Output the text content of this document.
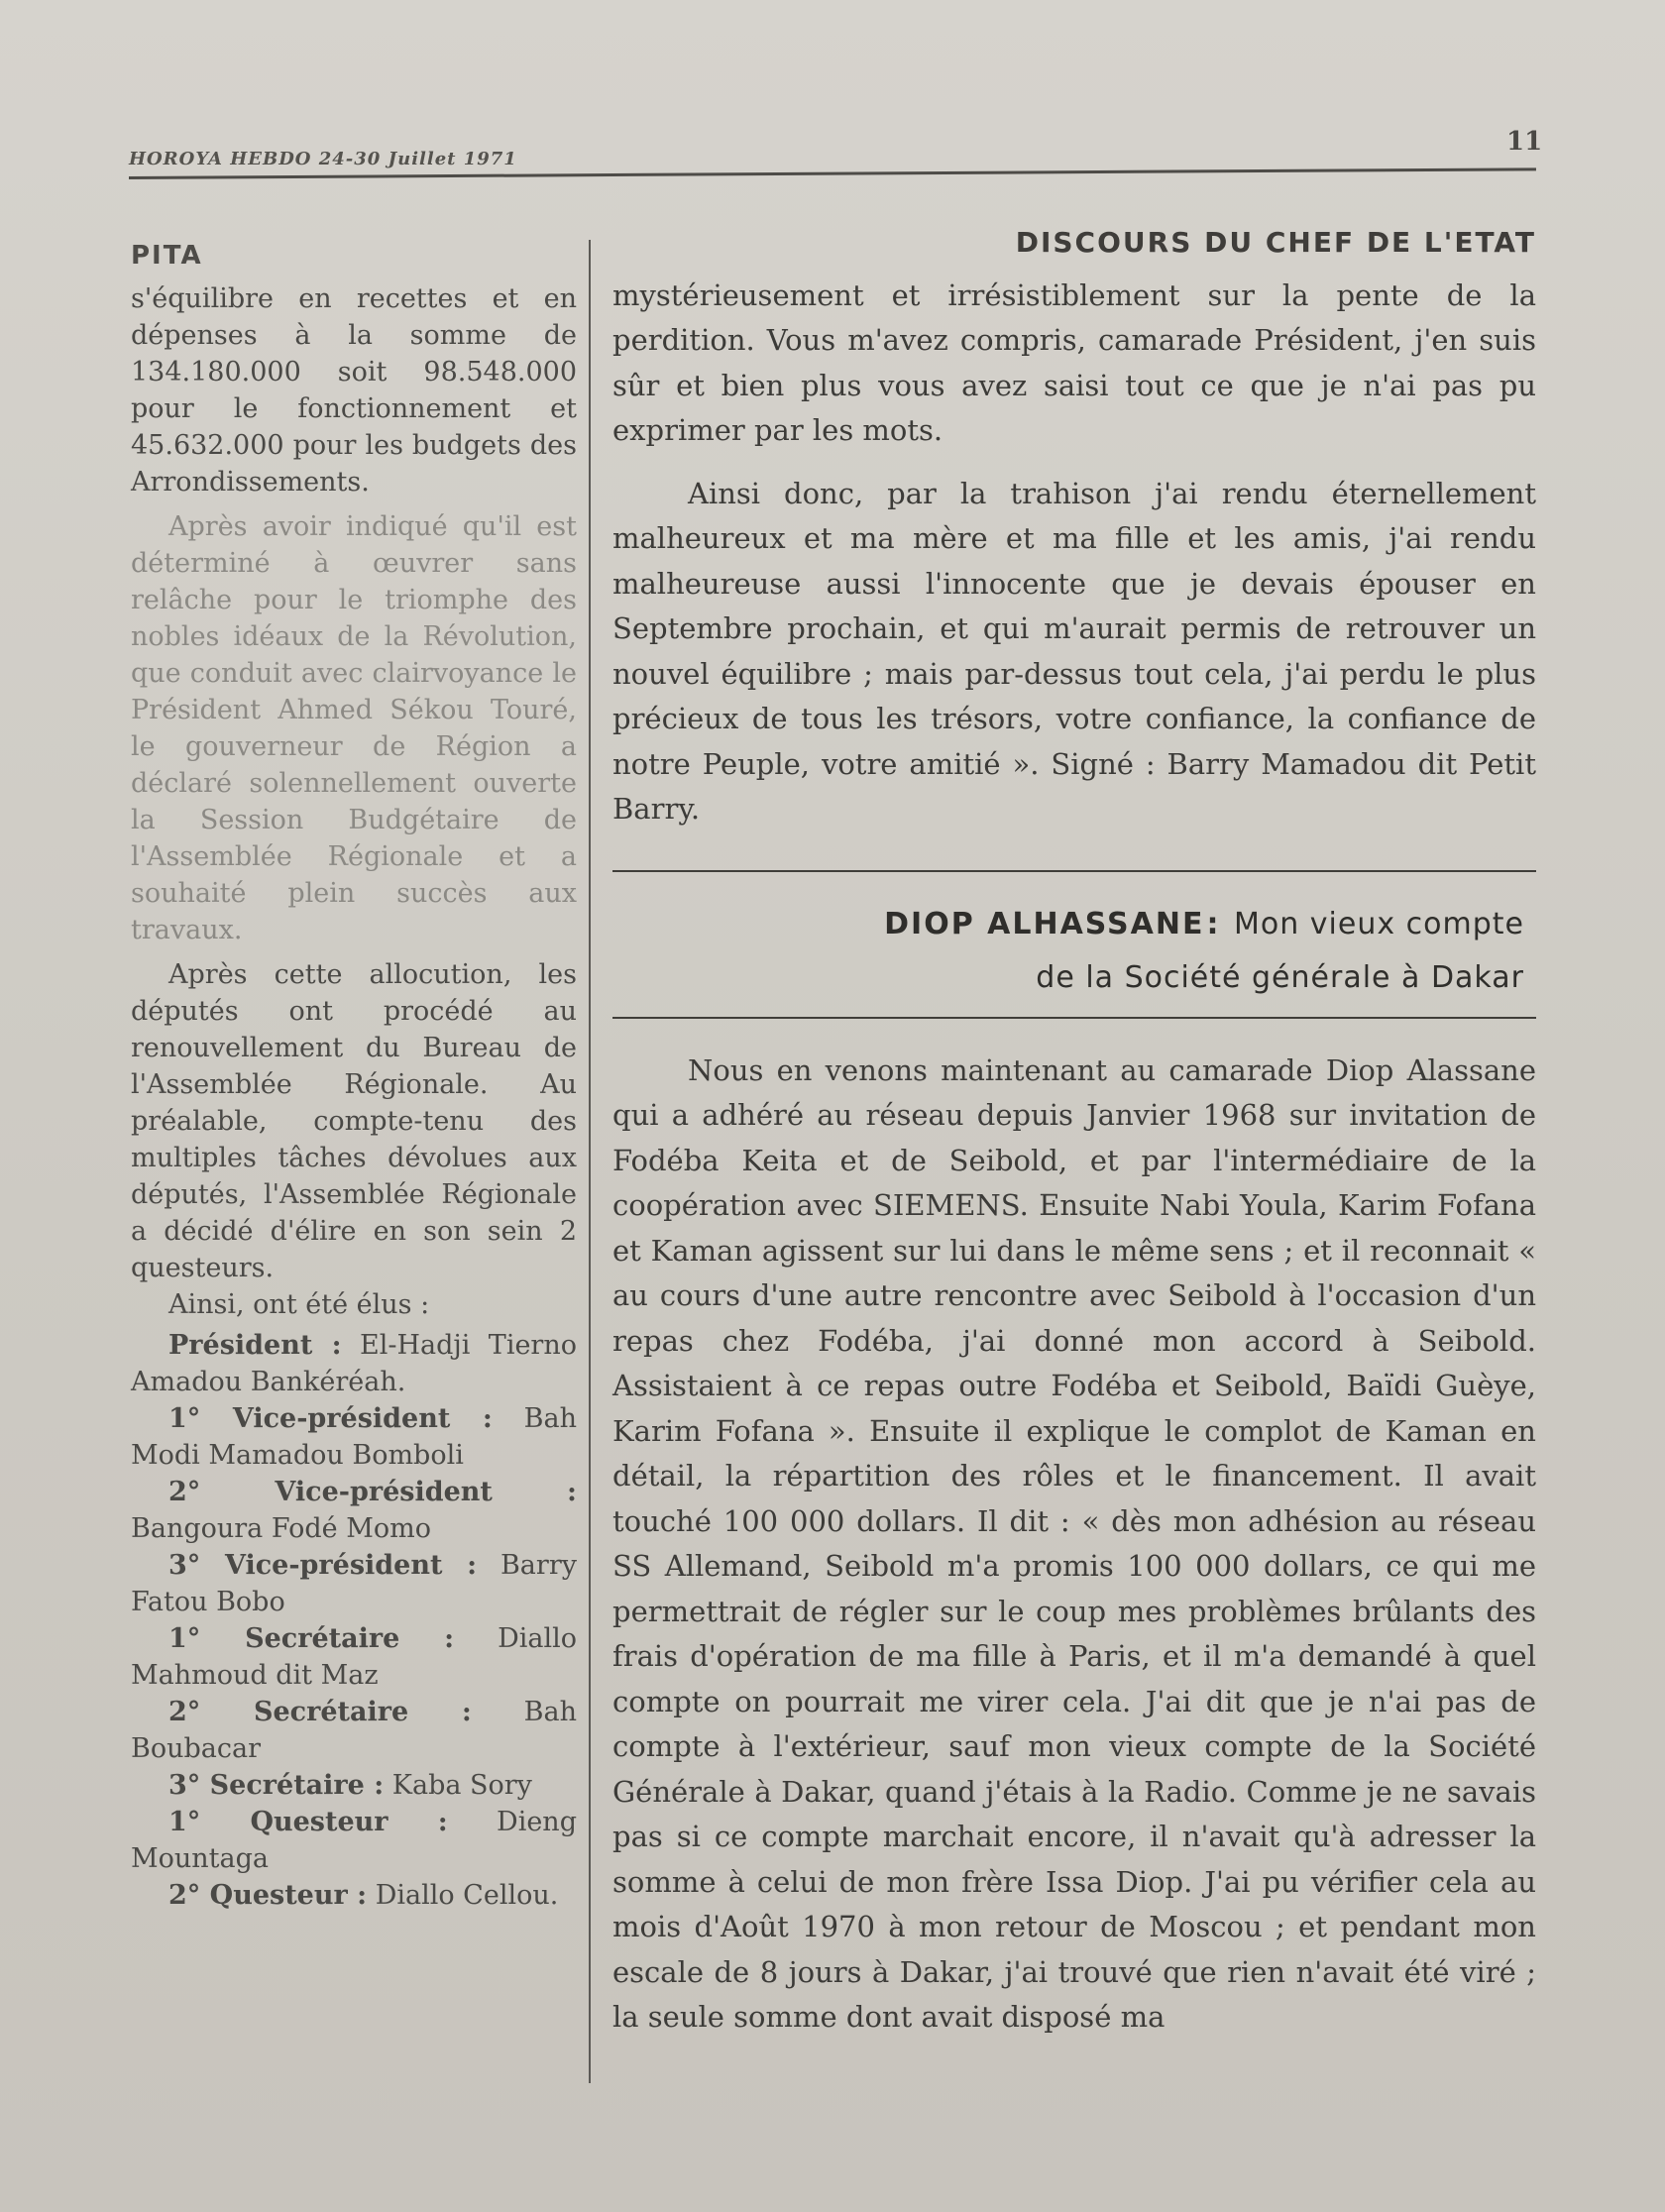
HOROYA HEBDO 24-30 Juillet 1971
11
PITA

s'équilibre en recettes et en dépenses à la somme de 134.180.000 soit 98.548.000 pour le fonctionnement et 45.632.000 pour les budgets des Arrondissements.

Après avoir indiqué qu'il est déterminé à œuvrer sans relâche pour le triomphe des nobles idéaux de la Révolution, que conduit avec clairvoyance le Président Ahmed Sékou Touré, le gouverneur de Région a déclaré solennellement ouverte la Session Budgétaire de l'Assemblée Régionale et a souhaité plein succès aux travaux.

Après cette allocution, les députés ont procédé au renouvellement du Bureau de l'Assemblée Régionale. Au préalable, compte-tenu des multiples tâches dévolues aux députés, l'Assemblée Régionale a décidé d'élire en son sein 2 questeurs.

Ainsi, ont été élus :

Président : El-Hadji Tierno Amadou Bankéréah.

1° Vice-président : Bah Modi Mamadou Bomboli

2° Vice-président : Bangoura Fodé Momo

3° Vice-président : Barry Fatou Bobo

1° Secrétaire : Diallo Mahmoud dit Maz

2° Secrétaire : Bah Boubacar

3° Secrétaire : Kaba Sory

1° Questeur : Dieng Mountaga

2° Questeur : Diallo Cellou.

DISCOURS DU CHEF DE L'ETAT

mystérieusement et irrésistiblement sur la pente de la perdition. Vous m'avez compris, camarade Président, j'en suis sûr et bien plus vous avez saisi tout ce que je n'ai pas pu exprimer par les mots.

Ainsi donc, par la trahison j'ai rendu éternellement malheureux et ma mère et ma fille et les amis, j'ai rendu malheureuse aussi l'innocente que je devais épouser en Septembre prochain, et qui m'aurait permis de retrouver un nouvel équilibre ; mais par-dessus tout cela, j'ai perdu le plus précieux de tous les trésors, votre confiance, la confiance de notre Peuple, votre amitié ». Signé : Barry Mamadou dit Petit Barry.

DIOP ALHASSANE: Mon vieux compte
de la Société générale à Dakar

Nous en venons maintenant au camarade Diop Alassane qui a adhéré au réseau depuis Janvier 1968 sur invitation de Fodéba Keita et de Seibold, et par l'intermédiaire de la coopération avec SIEMENS. Ensuite Nabi Youla, Karim Fofana et Kaman agissent sur lui dans le même sens ; et il reconnait « au cours d'une autre rencontre avec Seibold à l'occasion d'un repas chez Fodéba, j'ai donné mon accord à Seibold. Assistaient à ce repas outre Fodéba et Seibold, Baïdi Guèye, Karim Fofana ». Ensuite il explique le complot de Kaman en détail, la répartition des rôles et le financement. Il avait touché 100 000 dollars. Il dit : « dès mon adhésion au réseau SS Allemand, Seibold m'a promis 100 000 dollars, ce qui me permettrait de régler sur le coup mes problèmes brûlants des frais d'opération de ma fille à Paris, et il m'a demandé à quel compte on pourrait me virer cela. J'ai dit que je n'ai pas de compte à l'extérieur, sauf mon vieux compte de la Société Générale à Dakar, quand j'étais à la Radio. Comme je ne savais pas si ce compte marchait encore, il n'avait qu'à adresser la somme à celui de mon frère Issa Diop. J'ai pu vérifier cela au mois d'Août 1970 à mon retour de Moscou ; et pendant mon escale de 8 jours à Dakar, j'ai trouvé que rien n'avait été viré ; la seule somme dont avait disposé ma
